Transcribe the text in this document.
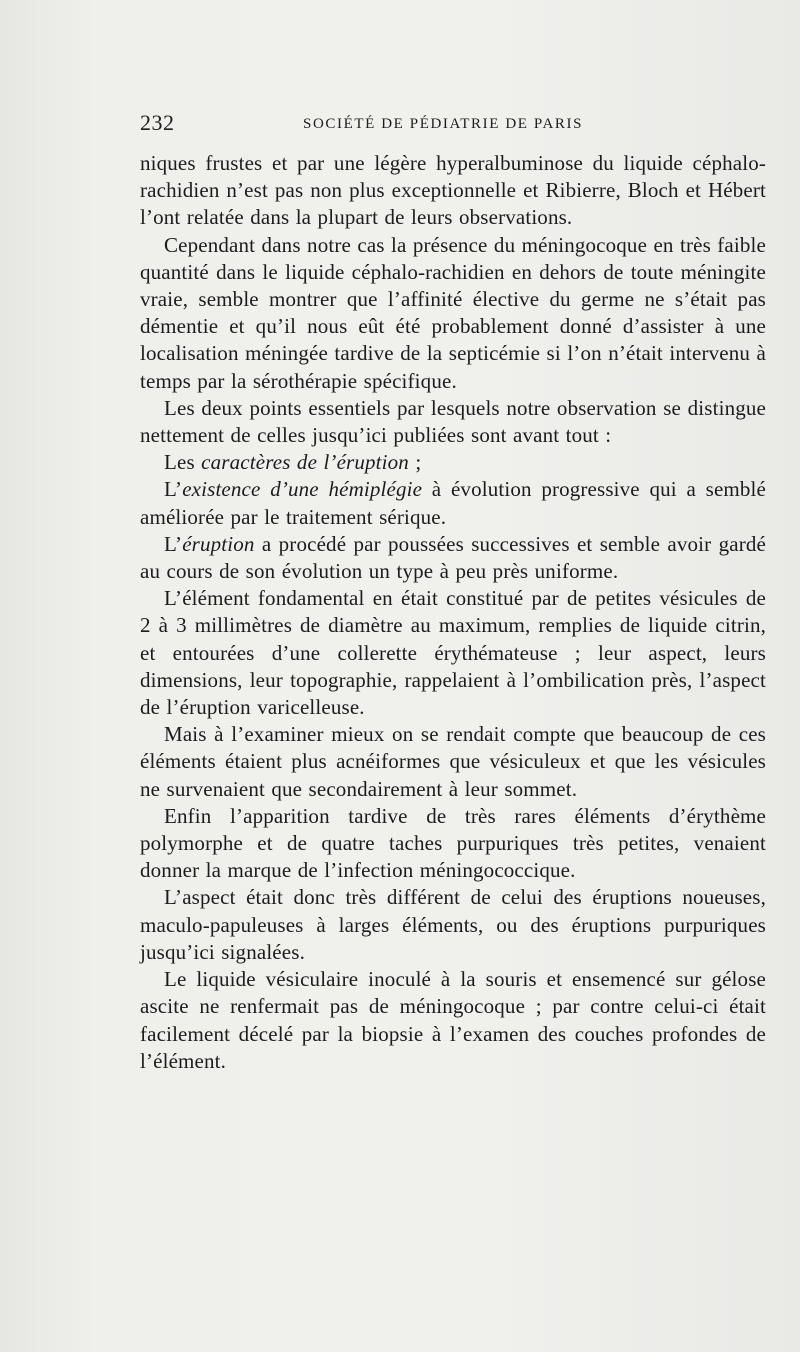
232	SOCIÉTÉ DE PÉDIATRIE DE PARIS

niques frustes et par une légère hyperalbuminose du liquide céphalo-rachidien n’est pas non plus exceptionnelle et Ribierre, Bloch et Hébert l’ont relatée dans la plupart de leurs observations.

Cependant dans notre cas la présence du méningocoque en très faible quantité dans le liquide céphalo-rachidien en dehors de toute méningite vraie, semble montrer que l’affinité élective du germe ne s’était pas démentie et qu’il nous eût été probablement donné d’assister à une localisation méningée tardive de la septicémie si l’on n’était intervenu à temps par la sérothérapie spécifique.

Les deux points essentiels par lesquels notre observation se distingue nettement de celles jusqu’ici publiées sont avant tout :

Les caractères de l’éruption ;

L’existence d’une hémiplégie à évolution progressive qui a semblé améliorée par le traitement sérique.

L’éruption a procédé par poussées successives et semble avoir gardé au cours de son évolution un type à peu près uniforme.

L’élément fondamental en était constitué par de petites vésicules de 2 à 3 millimètres de diamètre au maximum, remplies de liquide citrin, et entourées d’une collerette érythémateuse ; leur aspect, leurs dimensions, leur topographie, rappelaient à l’ombilication près, l’aspect de l’éruption varicelleuse.

Mais à l’examiner mieux on se rendait compte que beaucoup de ces éléments étaient plus acnéiformes que vésiculeux et que les vésicules ne survenaient que secondairement à leur sommet.

Enfin l’apparition tardive de très rares éléments d’érythème polymorphe et de quatre taches purpuriques très petites, venaient donner la marque de l’infection méningococcique.

L’aspect était donc très différent de celui des éruptions noueuses, maculo-papuleuses à larges éléments, ou des éruptions purpuriques jusqu’ici signalées.

Le liquide vésiculaire inoculé à la souris et ensemencé sur gélose ascite ne renfermait pas de méningocoque ; par contre celui-ci était facilement décelé par la biopsie à l’examen des couches profondes de l’élément.
